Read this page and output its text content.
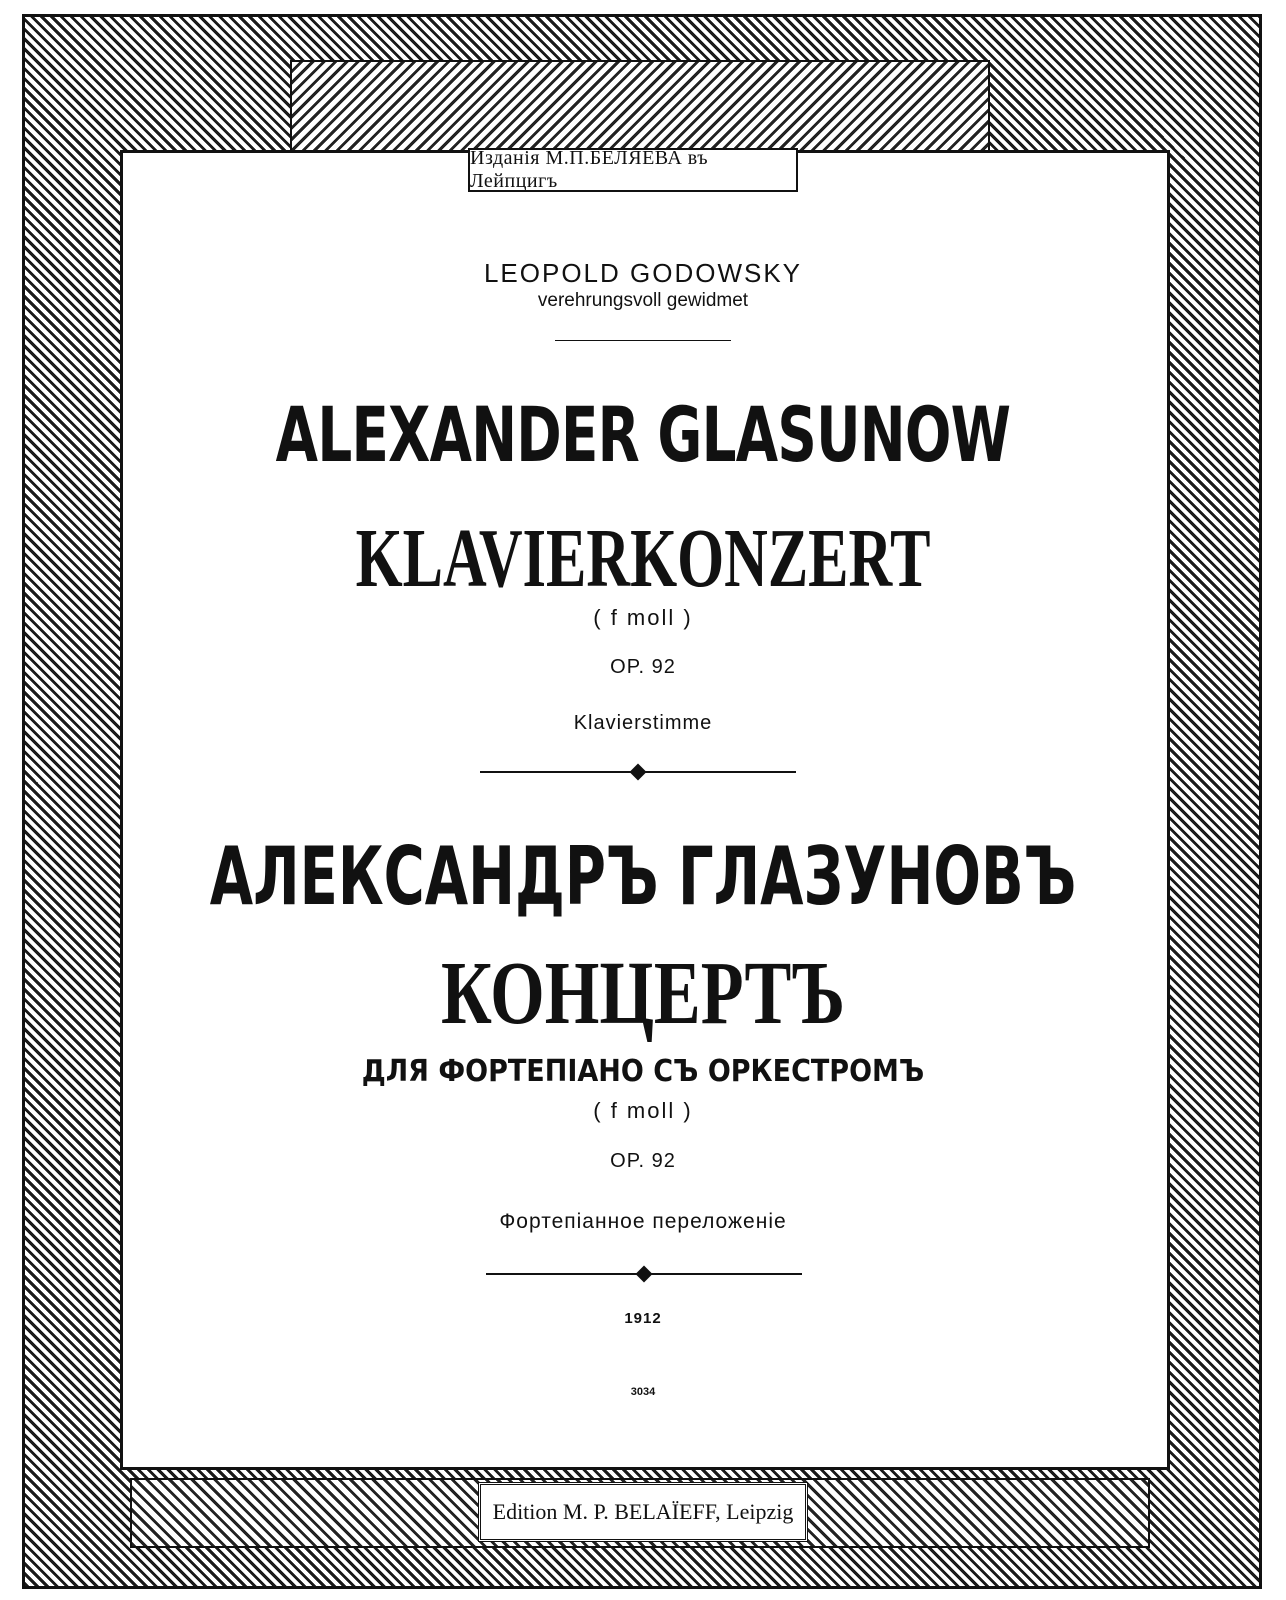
Изданія М.П.БЕЛЯЕВА въ Лейпцигъ
LEOPOLD GODOWSKY
verehrungsvoll gewidmet
ALEXANDER GLASUNOW
KLAVIERKONZERT
( f moll )
OP. 92
Klavierstimme
АЛЕКСАНДРЪ ГЛАЗУНОВЪ
КОНЦЕРТЪ
ДЛЯ ФОРТЕПІАНО СЪ ОРКЕСТРОМЪ
( f moll )
OP. 92
Фортепіанное переложеніе
1912
3034
Edition M. P. BELAÏEFF, Leipzig
